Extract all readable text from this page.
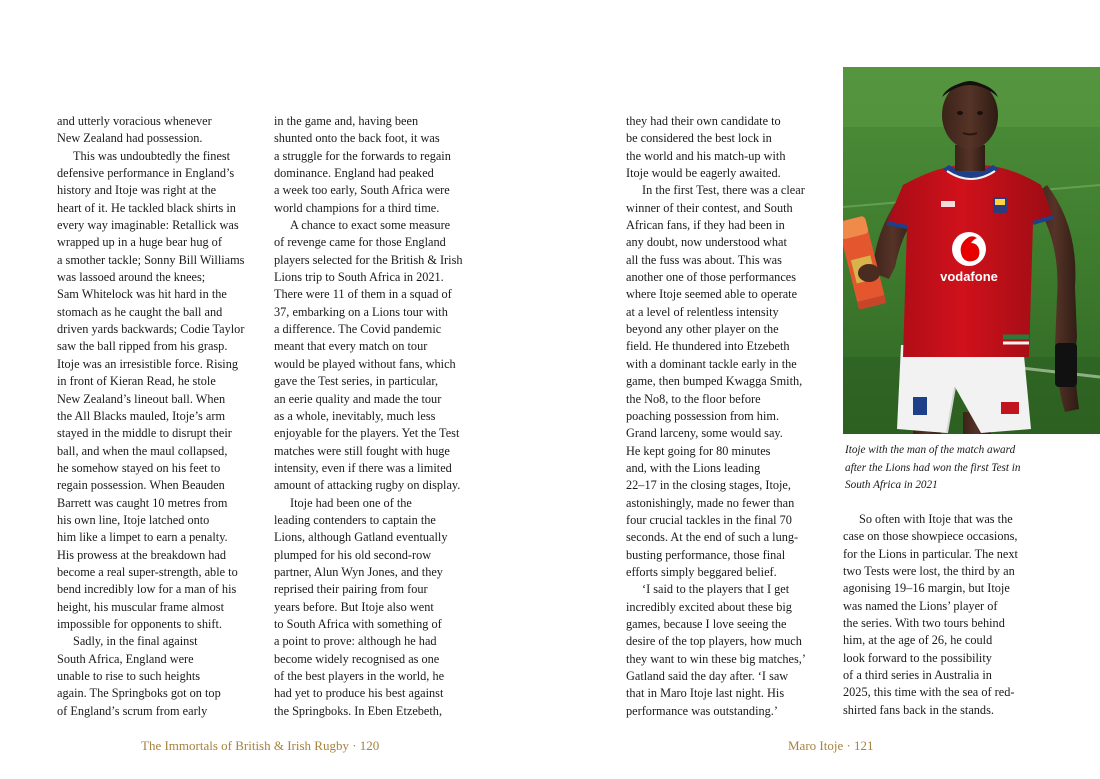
and utterly voracious whenever
New Zealand had possession.
This was undoubtedly the finest
defensive performance in England’s
history and Itoje was right at the
heart of it. He tackled black shirts in
every way imaginable: Retallick was
wrapped up in a huge bear hug of
a smother tackle; Sonny Bill Williams
was lassoed around the knees;
Sam Whitelock was hit hard in the
stomach as he caught the ball and
driven yards backwards; Codie Taylor
saw the ball ripped from his grasp.
Itoje was an irresistible force. Rising
in front of Kieran Read, he stole
New Zealand’s lineout ball. When
the All Blacks mauled, Itoje’s arm
stayed in the middle to disrupt their
ball, and when the maul collapsed,
he somehow stayed on his feet to
regain possession. When Beauden
Barrett was caught 10 metres from
his own line, Itoje latched onto
him like a limpet to earn a penalty.
His prowess at the breakdown had
become a real super-strength, able to
bend incredibly low for a man of his
height, his muscular frame almost
impossible for opponents to shift.
Sadly, in the final against
South Africa, England were
unable to rise to such heights
again. The Springboks got on top
of England’s scrum from early
in the game and, having been
shunted onto the back foot, it was
a struggle for the forwards to regain
dominance. England had peaked
a week too early, South Africa were
world champions for a third time.
A chance to exact some measure
of revenge came for those England
players selected for the British & Irish
Lions trip to South Africa in 2021.
There were 11 of them in a squad of
37, embarking on a Lions tour with
a difference. The Covid pandemic
meant that every match on tour
would be played without fans, which
gave the Test series, in particular,
an eerie quality and made the tour
as a whole, inevitably, much less
enjoyable for the players. Yet the Test
matches were still fought with huge
intensity, even if there was a limited
amount of attacking rugby on display.
Itoje had been one of the
leading contenders to captain the
Lions, although Gatland eventually
plumped for his old second-row
partner, Alun Wyn Jones, and they
reprised their pairing from four
years before. But Itoje also went
to South Africa with something of
a point to prove: although he had
become widely recognised as one
of the best players in the world, he
had yet to produce his best against
the Springboks. In Eben Etzebeth,
The Immortals of British & Irish Rugby · 120
they had their own candidate to
be considered the best lock in
the world and his match-up with
Itoje would be eagerly awaited.
In the first Test, there was a clear
winner of their contest, and South
African fans, if they had been in
any doubt, now understood what
all the fuss was about. This was
another one of those performances
where Itoje seemed able to operate
at a level of relentless intensity
beyond any other player on the
field. He thundered into Etzebeth
with a dominant tackle early in the
game, then bumped Kwagga Smith,
the No8, to the floor before
poaching possession from him.
Grand larceny, some would say.
He kept going for 80 minutes
and, with the Lions leading
22–17 in the closing stages, Itoje,
astonishingly, made no fewer than
four crucial tackles in the final 70
seconds. At the end of such a lung-
busting performance, those final
efforts simply beggared belief.
‘I said to the players that I get
incredibly excited about these big
games, because I love seeing the
desire of the top players, how much
they want to win these big matches,’
Gatland said the day after. ‘I saw
that in Maro Itoje last night. His
performance was outstanding.’
vodafone
Itoje with the man of the match award
after the Lions had won the first Test in
South Africa in 2021
So often with Itoje that was the
case on those showpiece occasions,
for the Lions in particular. The next
two Tests were lost, the third by an
agonising 19–16 margin, but Itoje
was named the Lions’ player of
the series. With two tours behind
him, at the age of 26, he could
look forward to the possibility
of a third series in Australia in
2025, this time with the sea of red-
shirted fans back in the stands.
Maro Itoje · 121
